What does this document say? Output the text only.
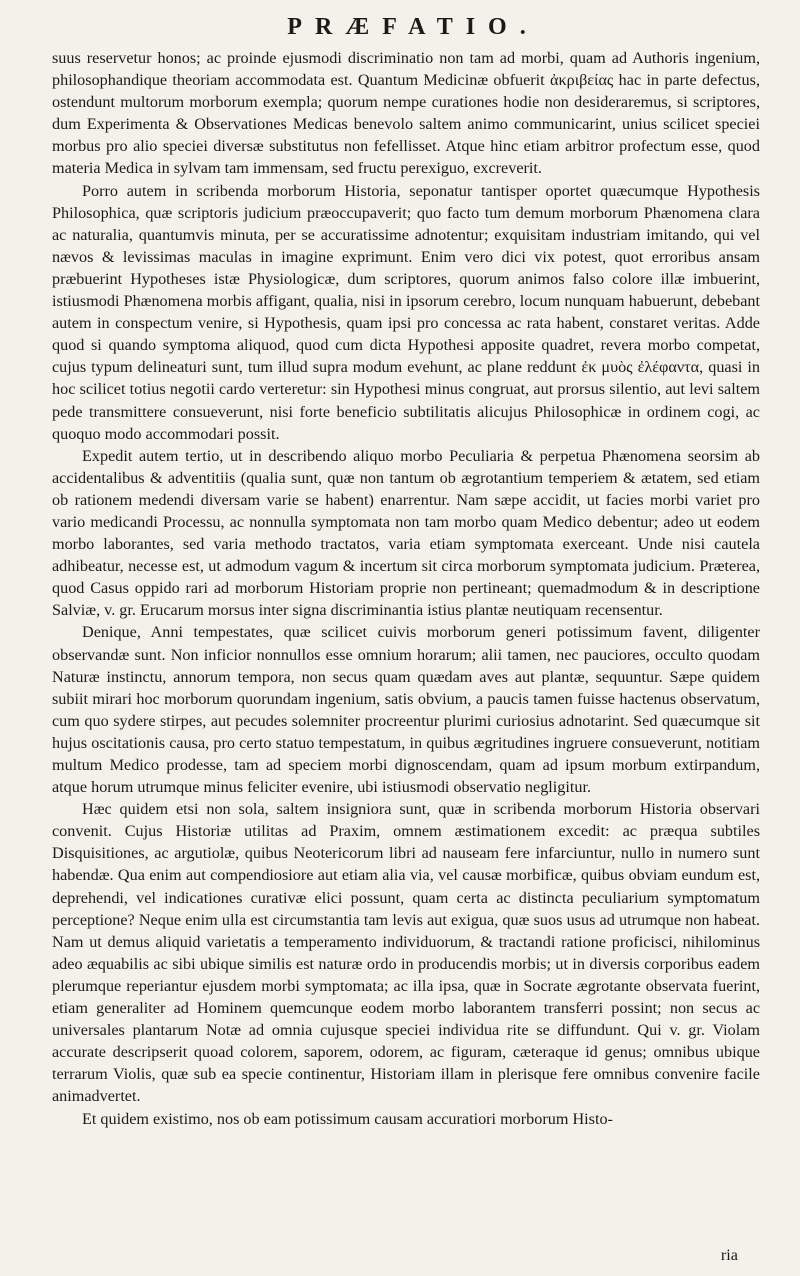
PRÆFATIO.

suus reservetur honos; ac proinde ejusmodi discriminatio non tam ad morbi, quam ad Authoris ingenium, philosophandique theoriam accommodata est. Quantum Medicinæ obfuerit ἀκριβείας hac in parte defectus, ostendunt multorum morborum exempla; quorum nempe curationes hodie non desideraremus, si scriptores, dum Experimenta & Observationes Medicas benevolo saltem animo communicarint, unius scilicet speciei morbus pro alio speciei diversæ substitutus non fefellisset. Atque hinc etiam arbitror profectum esse, quod materia Medica in sylvam tam immensam, sed fructu perexiguo, excreverit.

Porro autem in scribenda morborum Historia, seponatur tantisper oportet quæcumque Hypothesis Philosophica, quæ scriptoris judicium præoccupaverit; quo facto tum demum morborum Phænomena clara ac naturalia, quantumvis minuta, per se accuratissime adnotentur; exquisitam industriam imitando, qui vel nævos & levissimas maculas in imagine exprimunt. Enim vero dici vix potest, quot erroribus ansam præbuerint Hypotheses istæ Physiologicæ, dum scriptores, quorum animos falso colore illæ imbuerint, istiusmodi Phænomena morbis affigant, qualia, nisi in ipsorum cerebro, locum nunquam habuerunt, debebant autem in conspectum venire, si Hypothesis, quam ipsi pro concessa ac rata habent, constaret veritas. Adde quod si quando symptoma aliquod, quod cum dicta Hypothesi apposite quadret, revera morbo competat, cujus typum delineaturi sunt, tum illud supra modum evehunt, ac plane reddunt ἐκ μυὸς ἐλέφαντα, quasi in hoc scilicet totius negotii cardo verteretur: sin Hypothesi minus congruat, aut prorsus silentio, aut levi saltem pede transmittere consueverunt, nisi forte beneficio subtilitatis alicujus Philosophicæ in ordinem cogi, ac quoquo modo accommodari possit.

Expedit autem tertio, ut in describendo aliquo morbo Peculiaria & perpetua Phænomena seorsim ab accidentalibus & adventitiis (qualia sunt, quæ non tantum ob ægrotantium temperiem & ætatem, sed etiam ob rationem medendi diversam varie se habent) enarrentur. Nam sæpe accidit, ut facies morbi variet pro vario medicandi Processu, ac nonnulla symptomata non tam morbo quam Medico debentur; adeo ut eodem morbo laborantes, sed varia methodo tractatos, varia etiam symptomata exerceant. Unde nisi cautela adhibeatur, necesse est, ut admodum vagum & incertum sit circa morborum symptomata judicium. Præterea, quod Casus oppido rari ad morborum Historiam proprie non pertineant; quemadmodum & in descriptione Salviæ, v. gr. Erucarum morsus inter signa discriminantia istius plantæ neutiquam recensentur.

Denique, Anni tempestates, quæ scilicet cuivis morborum generi potissimum favent, diligenter observandæ sunt. Non inficior nonnullos esse omnium horarum; alii tamen, nec pauciores, occulto quodam Naturæ instinctu, annorum tempora, non secus quam quædam aves aut plantæ, sequuntur. Sæpe quidem subiit mirari hoc morborum quorundam ingenium, satis obvium, a paucis tamen fuisse hactenus observatum, cum quo sydere stirpes, aut pecudes solemniter procreentur plurimi curiosius adnotarint. Sed quæcumque sit hujus oscitationis causa, pro certo statuo tempestatum, in quibus ægritudines ingruere consueverunt, notitiam multum Medico prodesse, tam ad speciem morbi dignoscendam, quam ad ipsum morbum extirpandum, atque horum utrumque minus feliciter evenire, ubi istiusmodi observatio negligitur.

Hæc quidem etsi non sola, saltem insigniora sunt, quæ in scribenda morborum Historia observari convenit. Cujus Historiæ utilitas ad Praxim, omnem æstimationem excedit: ac præqua subtiles Disquisitiones, ac argutiolæ, quibus Neotericorum libri ad nauseam fere infarciuntur, nullo in numero sunt habendæ. Qua enim aut compendiosiore aut etiam alia via, vel causæ morbificæ, quibus obviam eundum est, deprehendi, vel indicationes curativæ elici possunt, quam certa ac distincta peculiarium symptomatum perceptione? Neque enim ulla est circumstantia tam levis aut exigua, quæ suos usus ad utrumque non habeat. Nam ut demus aliquid varietatis a temperamento individuorum, & tractandi ratione proficisci, nihilominus adeo æquabilis ac sibi ubique similis est naturæ ordo in producendis morbis; ut in diversis corporibus eadem plerumque reperiantur ejusdem morbi symptomata; ac illa ipsa, quæ in Socrate ægrotante observata fuerint, etiam generaliter ad Hominem quemcunque eodem morbo laborantem transferri possint; non secus ac universales plantarum Notæ ad omnia cujusque speciei individua rite se diffundunt. Qui v. gr. Violam accurate descripserit quoad colorem, saporem, odorem, ac figuram, cæteraque id genus; omnibus ubique terrarum Violis, quæ sub ea specie continentur, Historiam illam in plerisque fere omnibus convenire facile animadvertet.

Et quidem existimo, nos ob eam potissimum causam accuratiori morborum Histo-

ria
